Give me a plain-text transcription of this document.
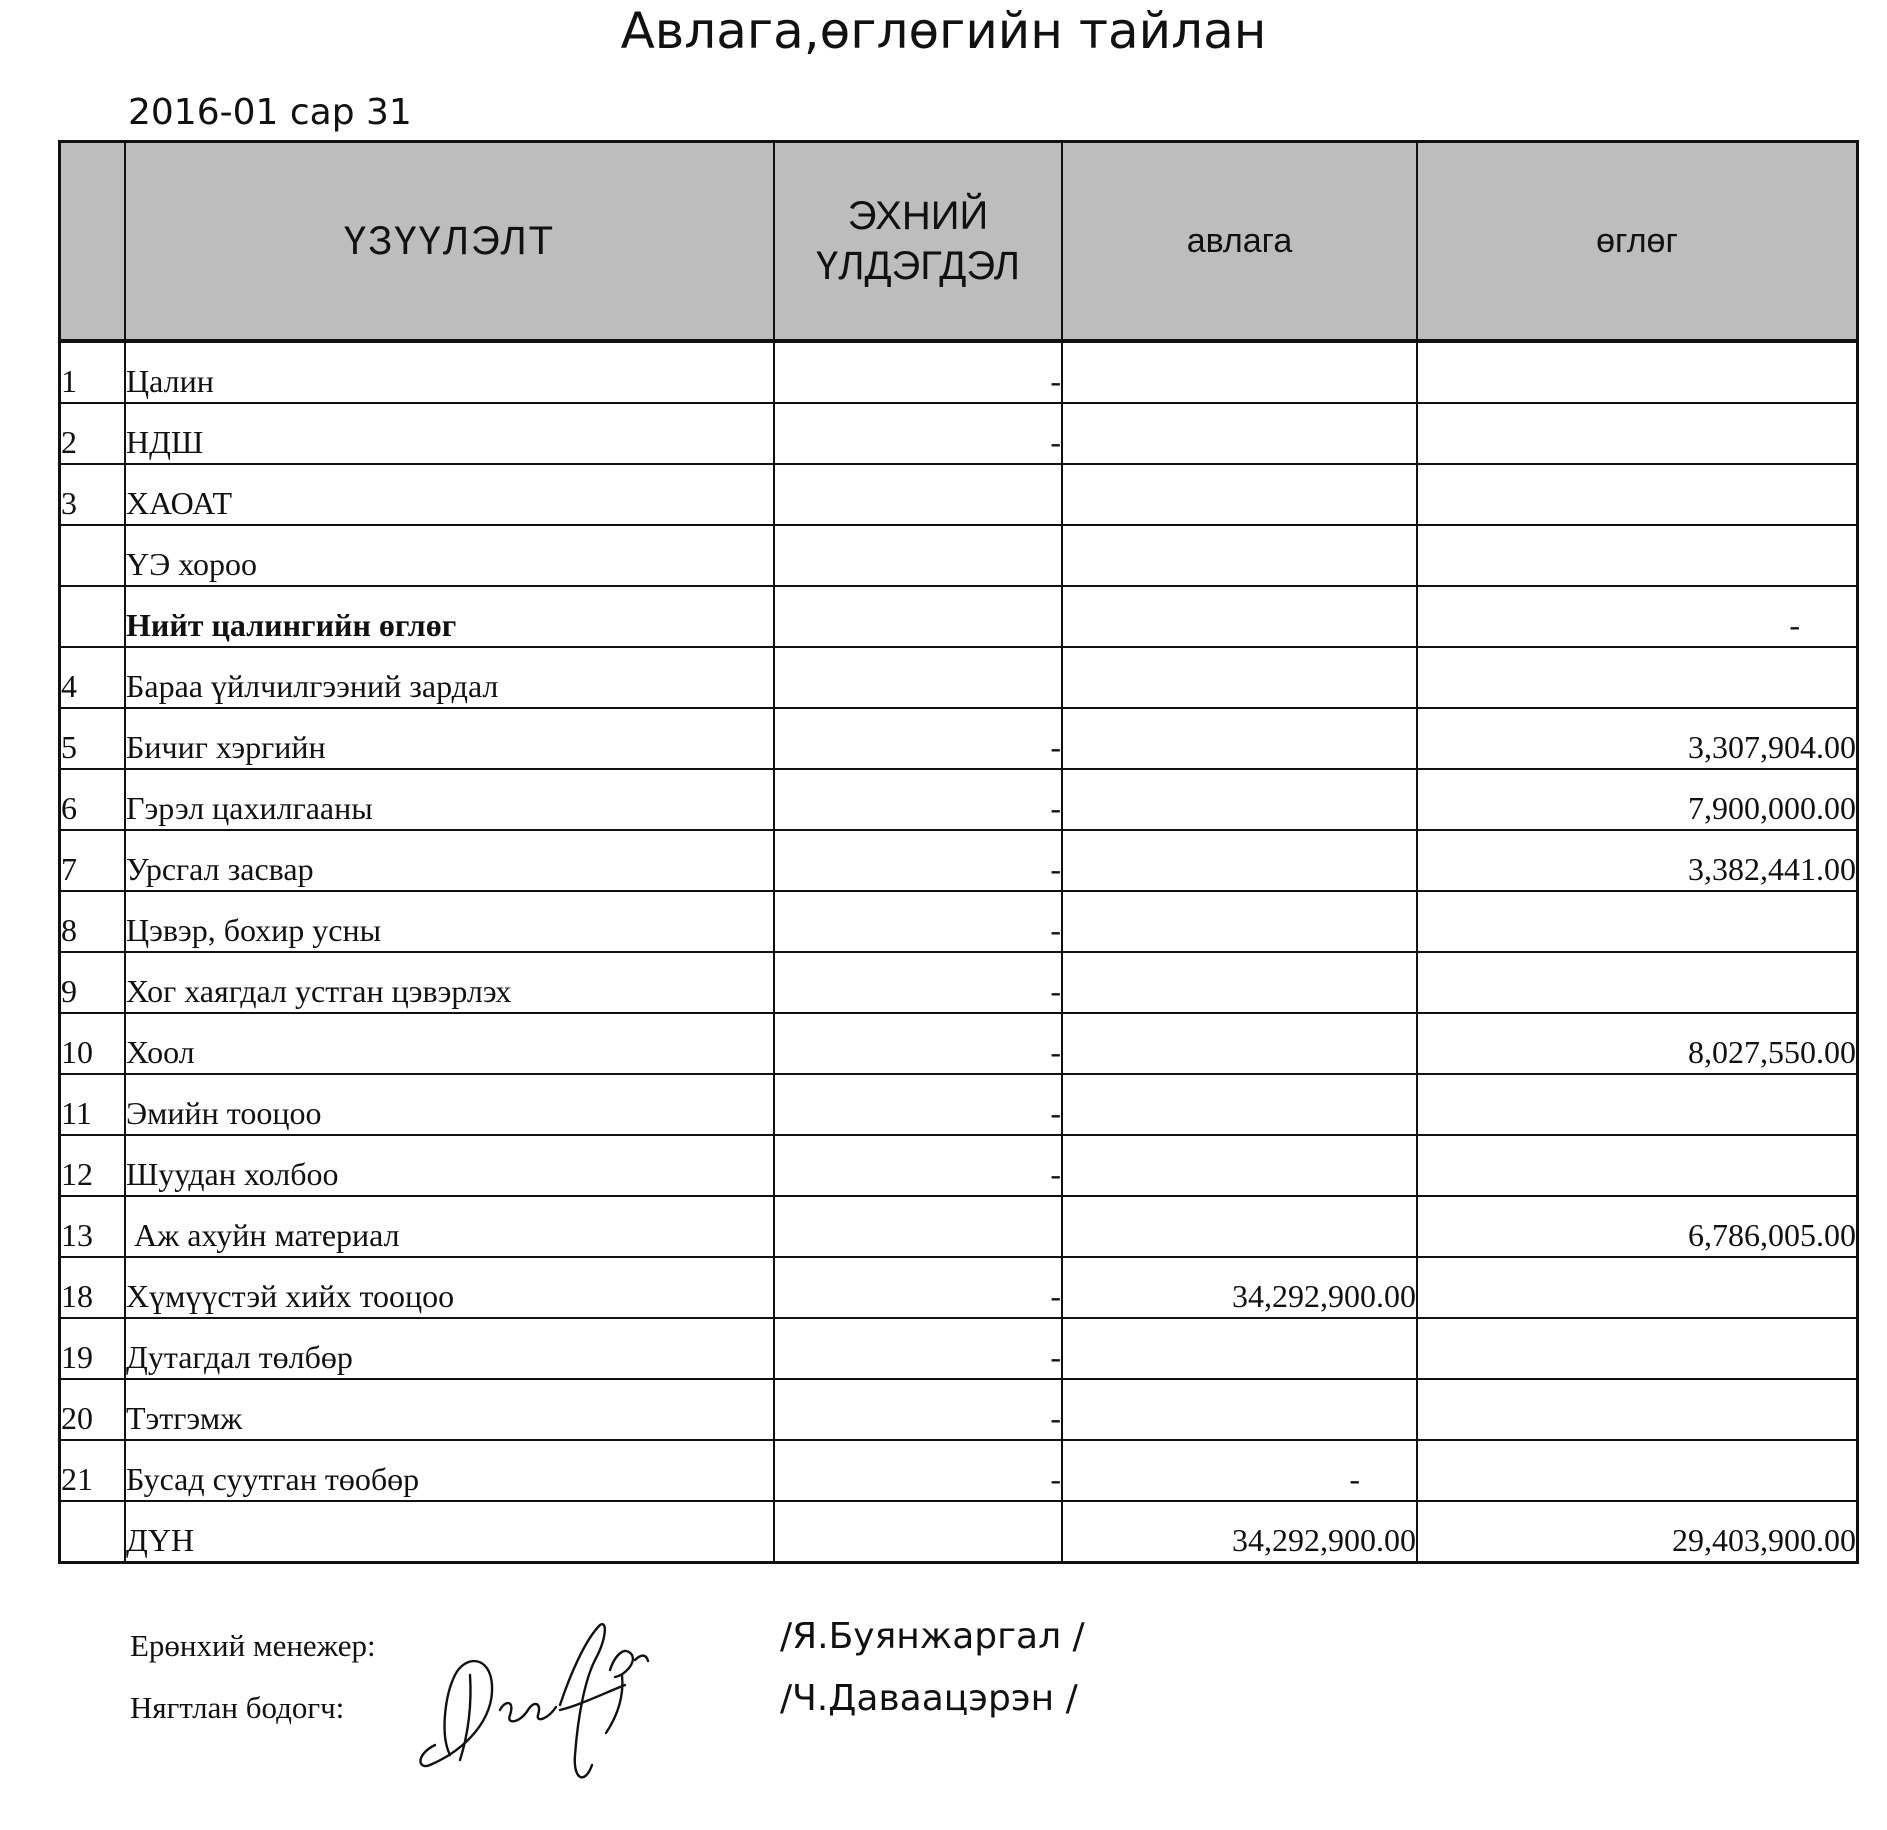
Авлага,өглөгийн тайлан
2016-01 сар 31
	ҮЗҮҮЛЭЛТ	ЭХНИЙ ҮЛДЭГДЭЛ	авлага	өглөг
1	Цалин	-		
2	НДШ	-		
3	ХАОАТ			
	ҮЭ хороо			
	Нийт цалингийн өглөг			-
4	Бараа үйлчилгээний зардал			
5	Бичиг хэргийн	-		3,307,904.00
6	Гэрэл цахилгааны	-		7,900,000.00
7	Урсгал засвар	-		3,382,441.00
8	Цэвэр, бохир усны	-		
9	Хог хаягдал устган цэвэрлэх	-		
10	Хоол	-		8,027,550.00
11	Эмийн тооцоо	-		
12	Шуудан холбоо	-		
13	Аж ахуйн материал			6,786,005.00
18	Хүмүүстэй хийх тооцоо	-	34,292,900.00	
19	Дутагдал төлбөр	-		
20	Тэтгэмж	-		
21	Бусад суутган төобөр	-	-	
	ДҮН		34,292,900.00	29,403,900.00
Ерөнхий менежер:	/Я.Буянжаргал /
Нягтлан бодогч:	/Ч.Даваацэрэн /
